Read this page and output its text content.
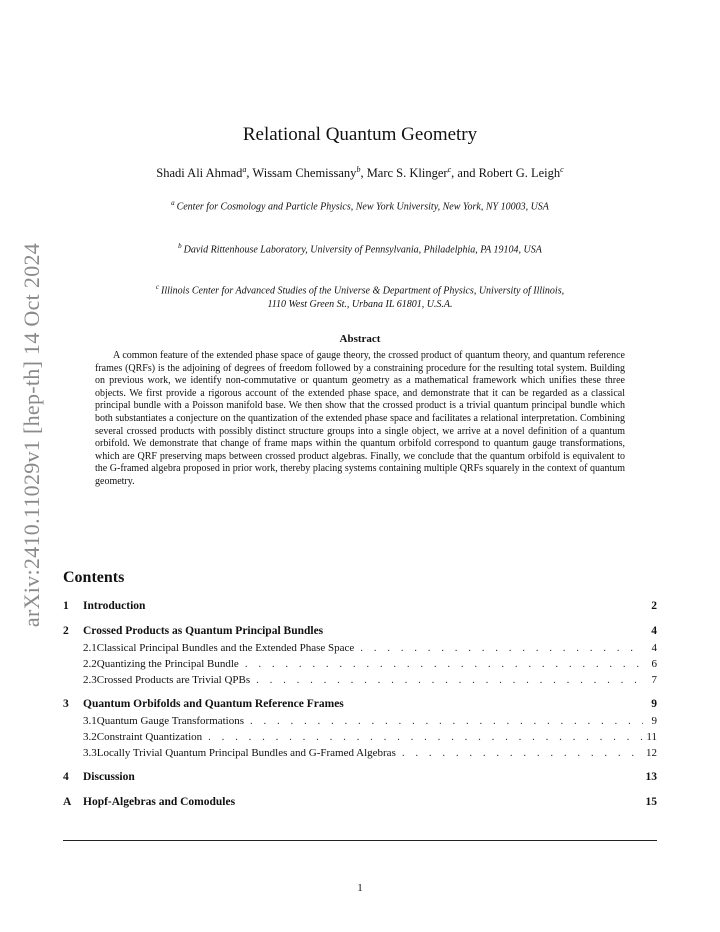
arXiv:2410.11029v1 [hep-th] 14 Oct 2024
Relational Quantum Geometry
Shadi Ali Ahmad$^a$, Wissam Chemissany$^b$, Marc S. Klinger$^c$, and Robert G. Leigh$^c$
$^a$ Center for Cosmology and Particle Physics, New York University, New York, NY 10003, USA
$^b$ David Rittenhouse Laboratory, University of Pennsylvania, Philadelphia, PA 19104, USA
$^c$ Illinois Center for Advanced Studies of the Universe & Department of Physics, University of Illinois, 1110 West Green St., Urbana IL 61801, U.S.A.
Abstract

A common feature of the extended phase space of gauge theory, the crossed product of quantum theory, and quantum reference frames (QRFs) is the adjoining of degrees of freedom followed by a constraining procedure for the resulting total system. Building on previous work, we identify non-commutative or quantum geometry as a mathematical framework which unifies these three objects. We first provide a rigorous account of the extended phase space, and demonstrate that it can be regarded as a classical principal bundle with a Poisson manifold base. We then show that the crossed product is a trivial quantum principal bundle which both substantiates a conjecture on the quantization of the extended phase space and facilitates a relational interpretation. Combining several crossed products with possibly distinct structure groups into a single object, we arrive at a novel definition of a quantum orbifold. We demonstrate that change of frame maps within the quantum orbifold correspond to quantum gauge transformations, which are QRF preserving maps between crossed product algebras. Finally, we conclude that the quantum orbifold is equivalent to the G-framed algebra proposed in prior work, thereby placing systems containing multiple QRFs squarely in the context of quantum geometry.

Contents
1	Introduction	2
2	Crossed Products as Quantum Principal Bundles	4
2.1 Classical Principal Bundles and the Extended Phase Space . . .	4
2.2 Quantizing the Principal Bundle . . .	6
2.3 Crossed Products are Trivial QPBs . . .	7
3	Quantum Orbifolds and Quantum Reference Frames	9
3.1 Quantum Gauge Transformations . . .	9
3.2 Constraint Quantization . . .	11
3.3 Locally Trivial Quantum Principal Bundles and G-Framed Algebras . . .	12
4	Discussion	13
A	Hopf-Algebras and Comodules	15
1
